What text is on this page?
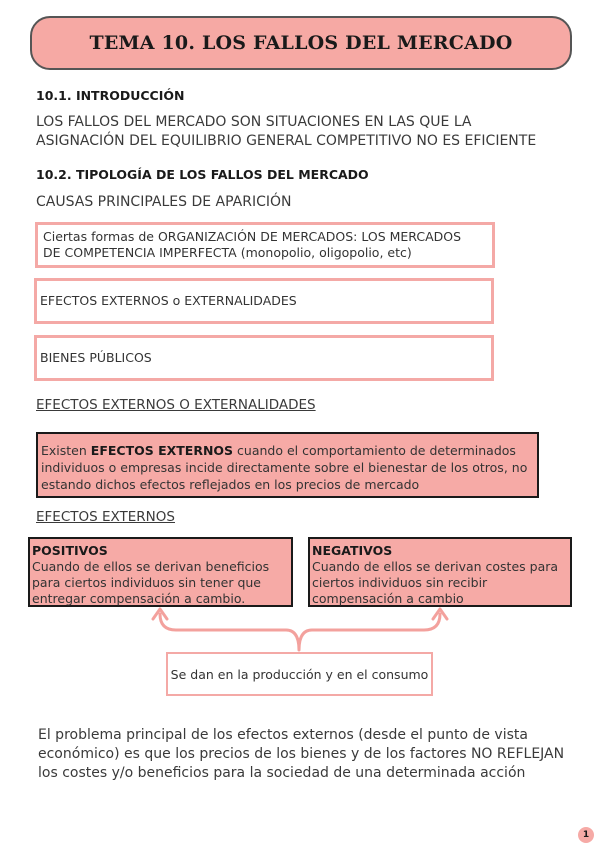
TEMA 10. LOS FALLOS DEL MERCADO
10.1. INTRODUCCIÓN
LOS FALLOS DEL MERCADO SON SITUACIONES EN LAS QUE LA
ASIGNACIÓN DEL EQUILIBRIO GENERAL COMPETITIVO NO ES EFICIENTE
10.2. TIPOLOGÍA DE LOS FALLOS DEL MERCADO
CAUSAS PRINCIPALES DE APARICIÓN
Ciertas formas de ORGANIZACIÓN DE MERCADOS: LOS MERCADOS
DE COMPETENCIA IMPERFECTA (monopolio, oligopolio, etc)
EFECTOS EXTERNOS o EXTERNALIDADES
BIENES PÚBLICOS
EFECTOS EXTERNOS O EXTERNALIDADES
Existen EFECTOS EXTERNOS cuando el comportamiento de determinados
individuos o empresas incide directamente sobre el bienestar de los otros, no
estando dichos efectos reflejados en los precios de mercado
EFECTOS EXTERNOS
POSITIVOS
Cuando de ellos se derivan beneficios
para ciertos individuos sin tener que
entregar compensación a cambio.
NEGATIVOS
Cuando de ellos se derivan costes para
ciertos individuos sin recibir
compensación a cambio
Se dan en la producción y en el consumo
El problema principal de los efectos externos (desde el punto de vista
económico) es que los precios de los bienes y de los factores NO REFLEJAN
los costes y/o beneficios para la sociedad de una determinada acción
1
